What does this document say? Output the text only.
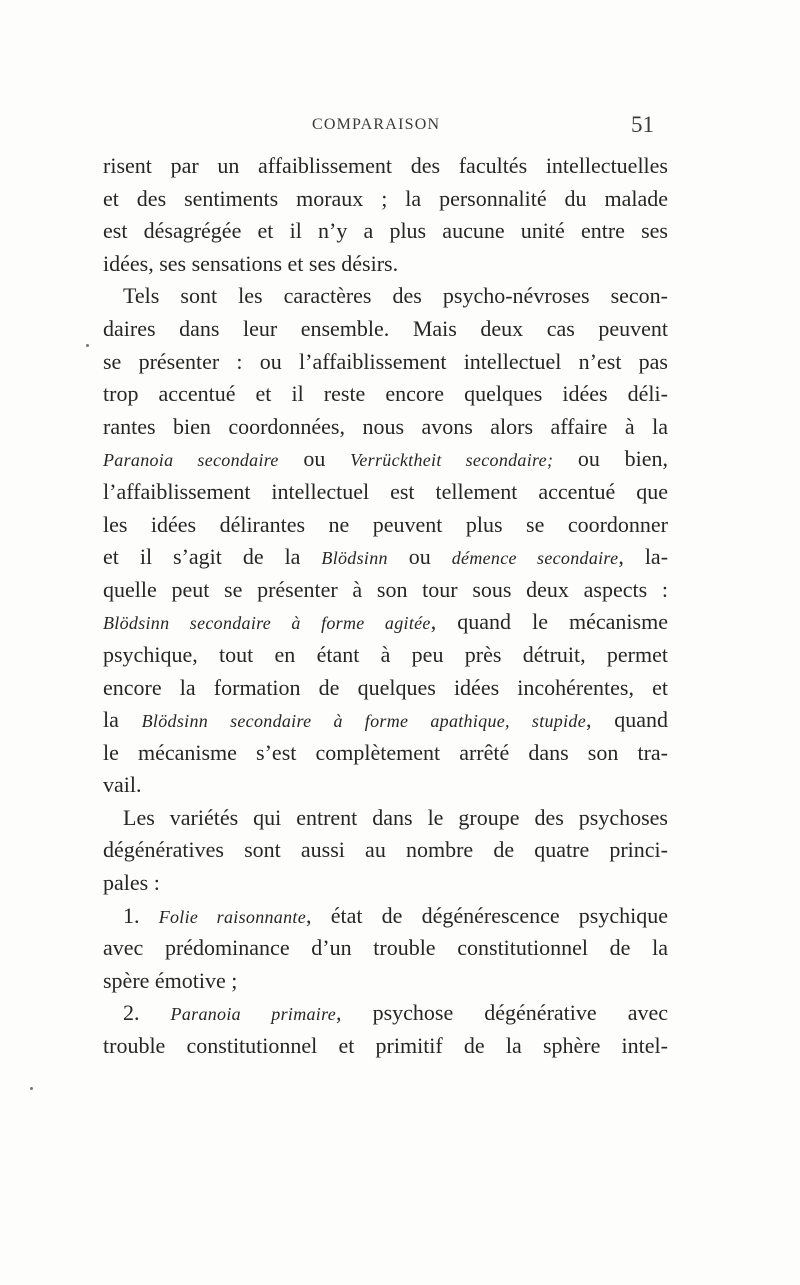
COMPARAISON	51
risent par un affaiblissement des facultés intellectuelles
et des sentiments moraux ; la personnalité du malade
est désagrégée et il n’y a plus aucune unité entre ses
idées, ses sensations et ses désirs.
Tels sont les caractères des psycho-névroses secon-
daires dans leur ensemble. Mais deux cas peuvent
se présenter : ou l’affaiblissement intellectuel n’est pas
trop accentué et il reste encore quelques idées déli-
rantes bien coordonnées, nous avons alors affaire à la
Paranoia secondaire ou Verrücktheit secondaire; ou bien,
l’affaiblissement intellectuel est tellement accentué que
les idées délirantes ne peuvent plus se coordonner
et il s’agit de la Blödsinn ou démence secondaire, la-
quelle peut se présenter à son tour sous deux aspects :
Blödsinn secondaire à forme agitée, quand le mécanisme
psychique, tout en étant à peu près détruit, permet
encore la formation de quelques idées incohérentes, et
la Blödsinn secondaire à forme apathique, stupide, quand
le mécanisme s’est complètement arrêté dans son tra-
vail.
Les variétés qui entrent dans le groupe des psychoses
dégénératives sont aussi au nombre de quatre princi-
pales :
1. Folie raisonnante, état de dégénérescence psychique
avec prédominance d’un trouble constitutionnel de la
spère émotive ;
2. Paranoia primaire, psychose dégénérative avec
trouble constitutionnel et primitif de la sphère intel-
